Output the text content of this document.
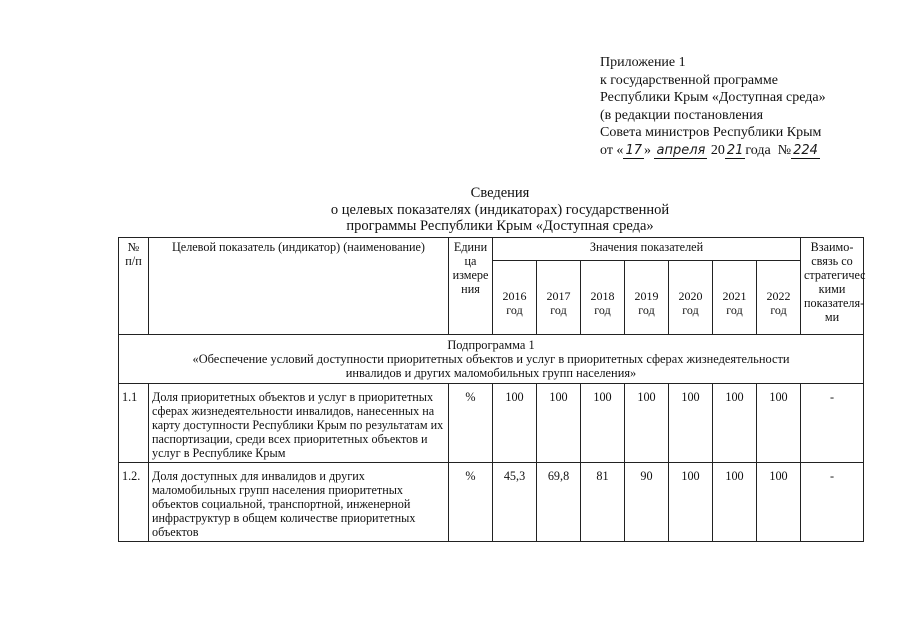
Приложение 1
к государственной программе
Республики Крым «Доступная среда»
(в редакции постановления
Совета министров Республики Крым
от « 17 » апреля 20 21 года № 224
Сведения
о целевых показателях (индикаторах) государственной
программы Республики Крым «Доступная среда»
№ п/п	Целевой показатель (индикатор) (наименование)	Едини ца измере ния	Значения показателей							Взаимо-связь со стратегичес кими показателя-ми
			2016 год	2017 год	2018 год	2019 год	2020 год	2021 год	2022 год	

Подпрограмма 1
«Обеспечение условий доступности приоритетных объектов и услуг в приоритетных сферах жизнедеятельности
инвалидов и других маломобильных групп населения»										

1.1	Доля приоритетных объектов и услуг в приоритетных сферах жизнедеятельности инвалидов, нанесенных на карту доступности Республики Крым по результатам их паспортизации, среди всех приоритетных объектов и услуг в Республике Крым	%	100	100	100	100	100	100	100	-
1.2.	Доля доступных для инвалидов и других маломобильных групп населения приоритетных объектов социальной, транспортной, инженерной инфраструктур в общем количестве приоритетных объектов	%	45,3	69,8	81	90	100	100	100	-
